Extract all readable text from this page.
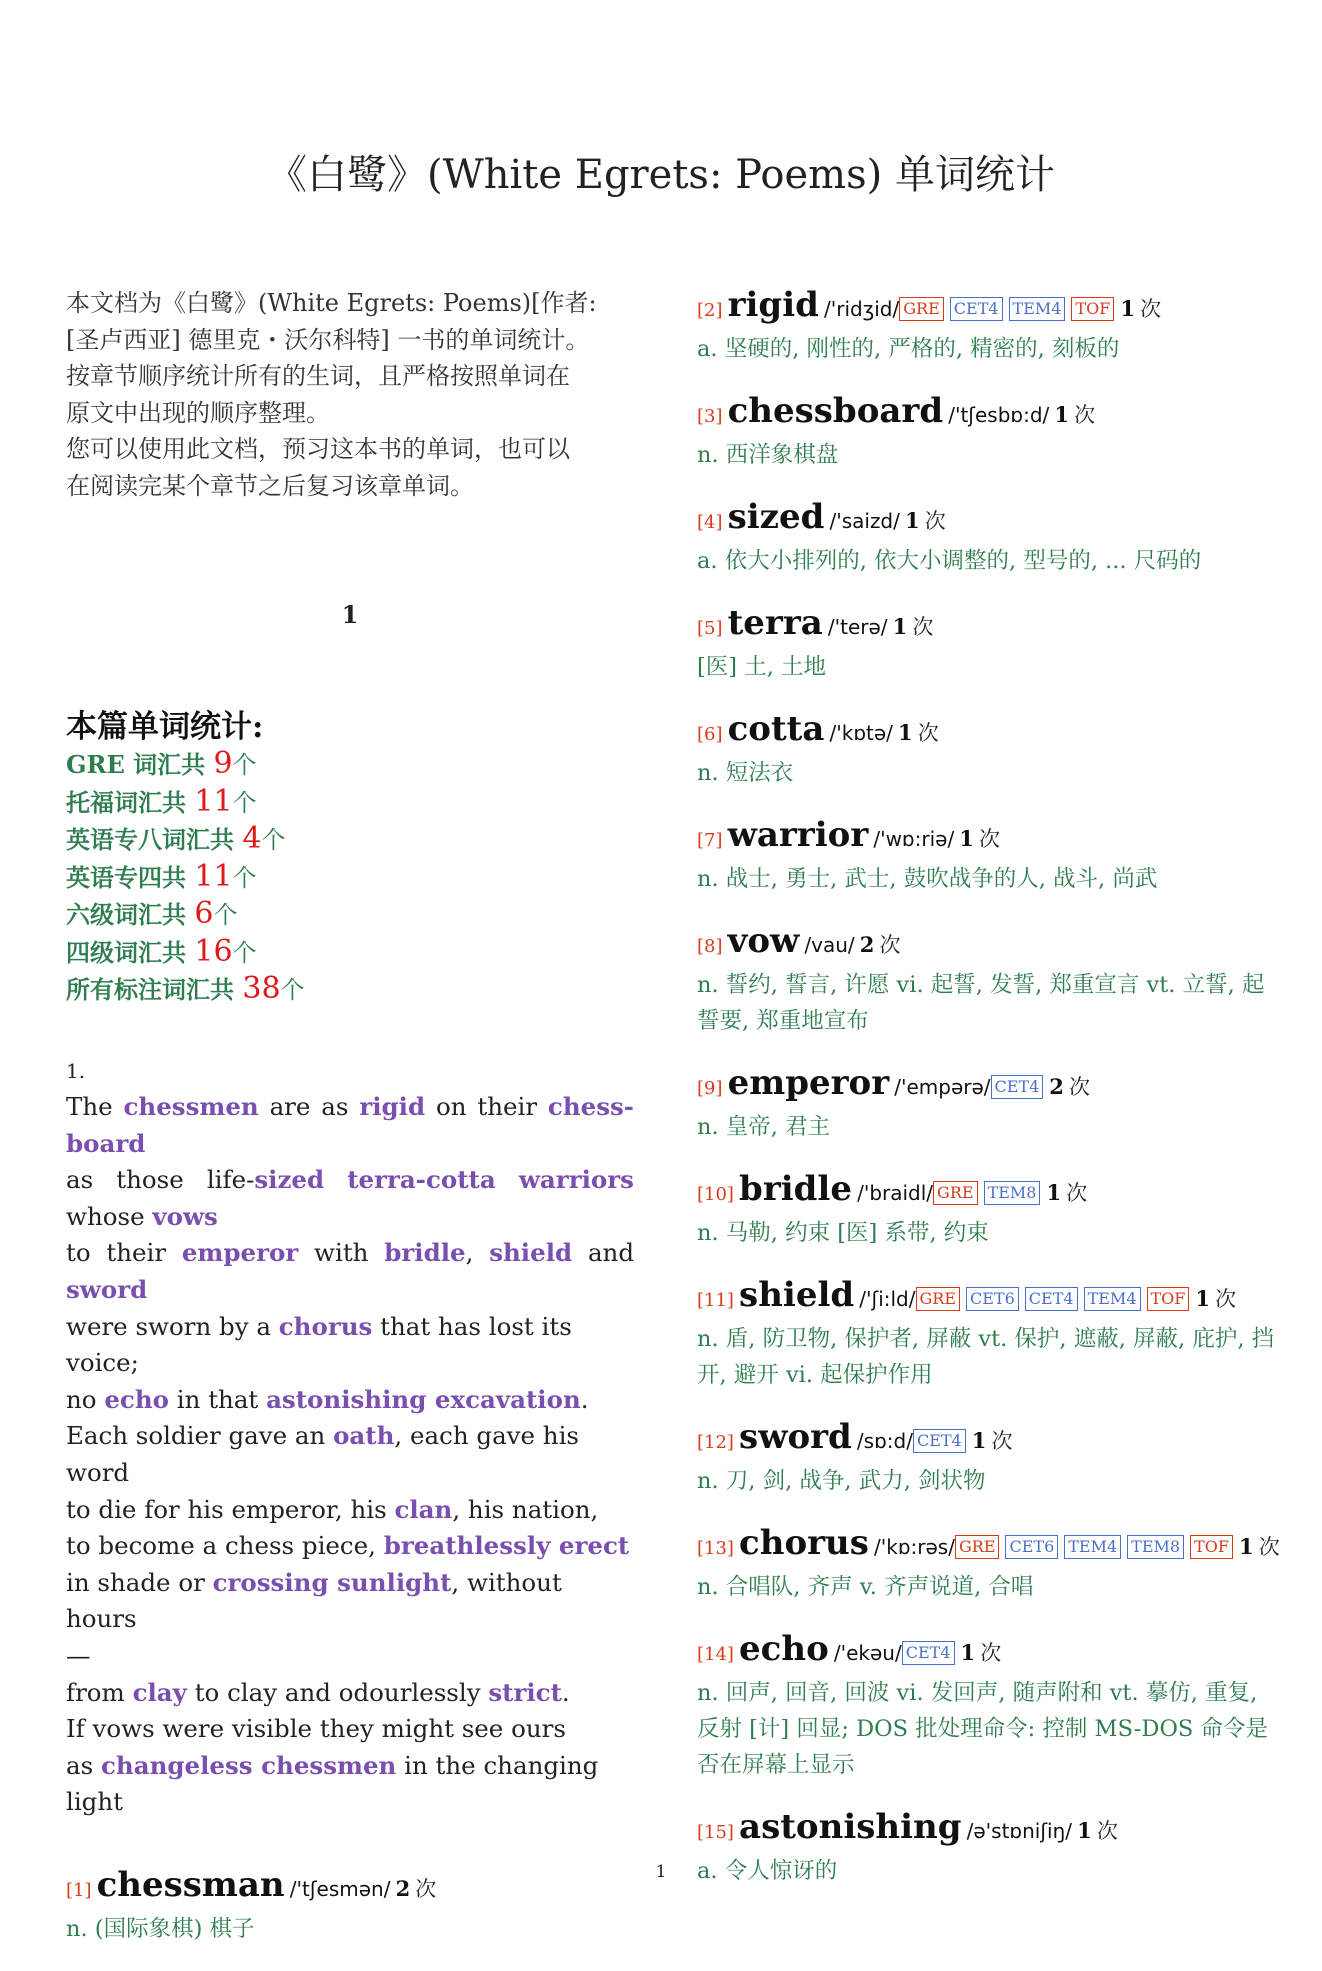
《白鹭》(White Egrets: Poems) 单词统计
本文档为《白鹭》(White Egrets: Poems)[作者:
[圣卢西亚] 德里克・沃尔科特] 一书的单词统计。
按章节顺序统计所有的生词，且严格按照单词在
原文中出现的顺序整理。
您可以使用此文档，预习这本书的单词，也可以
在阅读完某个章节之后复习该章单词。
1
本篇单词统计:
GRE 词汇共 9个
托福词汇共 11个
英语专八词汇共 4个
英语专四共 11个
六级词汇共 6个
四级词汇共 16个
所有标注词汇共 38个
1.
The chessmen are as rigid on their chess-
board
as those life-sized terra-cotta warriors
whose vows
to their emperor with bridle, shield and
sword
were sworn by a chorus that has lost its voice;
no echo in that astonishing excavation.
Each soldier gave an oath, each gave his word
to die for his emperor, his clan, his nation,
to become a chess piece, breathlessly erect
in shade or crossing sunlight, without hours
—
from clay to clay and odourlessly strict.
If vows were visible they might see ours
as changeless chessmen in the changing light
[1] chessman /'tʃesmən/ 2 次
n. (国际象棋) 棋子
[2] rigid /'ridʒid/ GRE CET4 TEM4 TOF 1 次
a. 坚硬的, 刚性的, 严格的, 精密的, 刻板的
[3] chessboard /'tʃesbɒ:d/ 1 次
n. 西洋象棋盘
[4] sized /'saizd/ 1 次
a. 依大小排列的, 依大小调整的, 型号的, ... 尺码的
[5] terra /'terə/ 1 次
[医] 土, 土地
[6] cotta /'kɒtə/ 1 次
n. 短法衣
[7] warrior /'wɒ:riə/ 1 次
n. 战士, 勇士, 武士, 鼓吹战争的人, 战斗, 尚武
[8] vow /vau/ 2 次
n. 誓约, 誓言, 许愿 vi. 起誓, 发誓, 郑重宣言 vt. 立誓, 起誓要, 郑重地宣布
[9] emperor /'empərə/ CET4 2 次
n. 皇帝, 君主
[10] bridle /'braidl/ GRE TEM8 1 次
n. 马勒, 约束 [医] 系带, 约束
[11] shield /'ʃi:ld/ GRE CET6 CET4 TEM4 TOF 1 次
n. 盾, 防卫物, 保护者, 屏蔽 vt. 保护, 遮蔽, 屏蔽, 庇护, 挡开, 避开 vi. 起保护作用
[12] sword /sɒ:d/ CET4 1 次
n. 刀, 剑, 战争, 武力, 剑状物
[13] chorus /'kɒ:rəs/ GRE CET6 TEM4 TEM8 TOF 1 次
n. 合唱队, 齐声 v. 齐声说道, 合唱
[14] echo /'ekəu/ CET4 1 次
n. 回声, 回音, 回波 vi. 发回声, 随声附和 vt. 摹仿, 重复, 反射 [计] 回显; DOS 批处理命令: 控制 MS-DOS 命令是否在屏幕上显示
[15] astonishing /ə'stɒniʃiŋ/ 1 次
a. 令人惊讶的
1
